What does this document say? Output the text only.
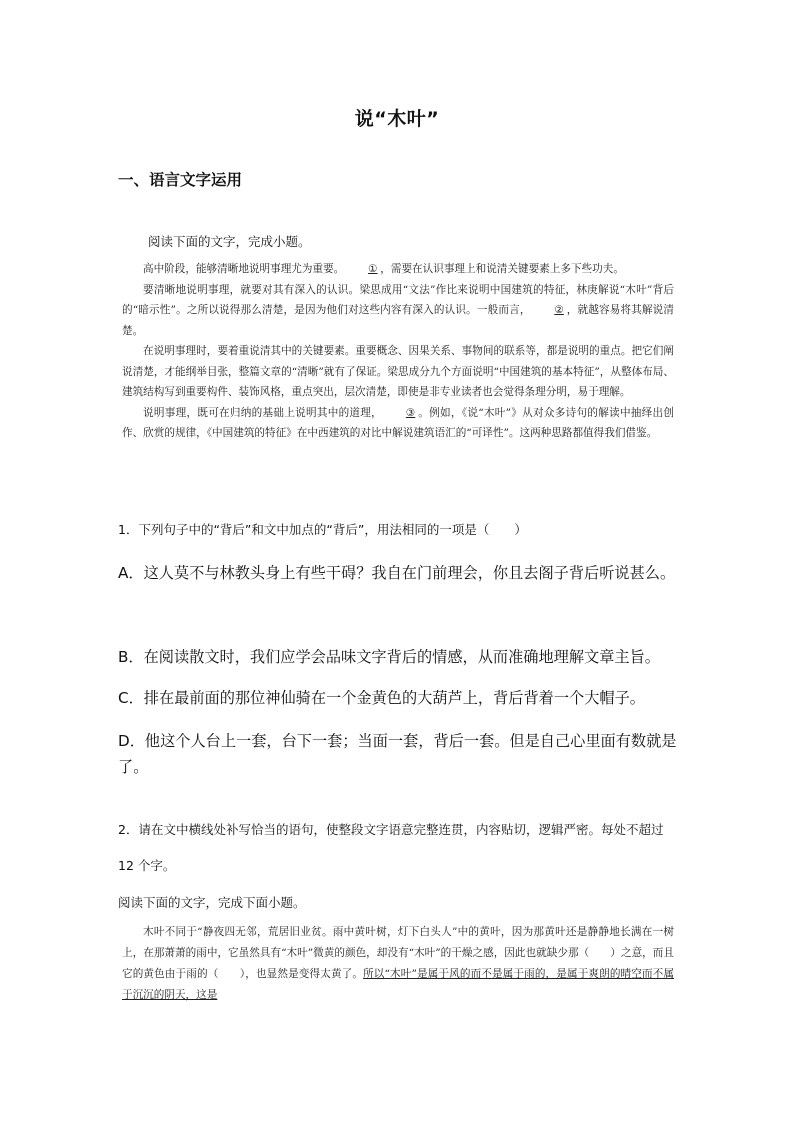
说“木叶”
一、语言文字运用
阅读下面的文字，完成小题。

高中阶段，能够清晰地说明事理尤为重要。 ① ，需要在认识事理上和说清关键要素上多下些功夫。

要清晰地说明事理，就要对其有深入的认识。梁思成用“文法”作比来说明中国建筑的特征，林庚解说“木叶”背后的“暗示性”。之所以说得那么清楚，是因为他们对这些内容有深入的认识。一般而言， ② ，就越容易将其解说清楚。

在说明事理时，要着重说清其中的关键要素。重要概念、因果关系、事物间的联系等，都是说明的重点。把它们阐说清楚，才能纲举目张，整篇文章的“清晰”就有了保证。梁思成分九个方面说明“中国建筑的基本特征”，从整体布局、建筑结构写到重要构件、装饰风格，重点突出，层次清楚，即使是非专业读者也会觉得条理分明，易于理解。

说明事理，既可在归纳的基础上说明其中的道理， ③ 。例如，《说“木叶”》从对众多诗句的解读中抽绎出创作、欣赏的规律，《中国建筑的特征》在中西建筑的对比中解说建筑语汇的“可译性”。这两种思路都值得我们借鉴。

1．下列句子中的“背后”和文中加点的“背后”，用法相同的一项是（　　）
A．这人莫不与林教头身上有些干碍？我自在门前理会，你且去阁子背后听说甚么。
B．在阅读散文时，我们应学会品味文字背后的情感，从而准确地理解文章主旨。
C．排在最前面的那位神仙骑在一个金黄色的大葫芦上，背后背着一个大帽子。
D．他这个人台上一套，台下一套；当面一套，背后一套。但是自己心里面有数就是了。
2．请在文中横线处补写恰当的语句，使整段文字语意完整连贯，内容贴切，逻辑严密。每处不超过 12 个字。
阅读下面的文字，完成下面小题。

木叶不同于“静夜四无邻，荒居旧业贫。雨中黄叶树，灯下白头人”中的黄叶，因为那黄叶还是静静地长满在一树上，在那萧萧的雨中，它虽然具有“木叶”微黄的颜色，却没有“木叶”的干燥之感，因此也就缺少那（　　）之意，而且它的黄色由于雨的（　　），也显然是变得太黄了。所以“木叶”是属于风的而不是属于雨的，是属于爽朗的晴空而不属于沉沉的阴天，这是
